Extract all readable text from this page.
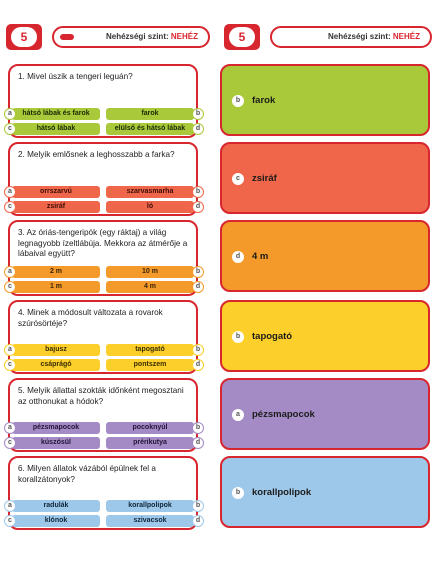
5	Nehézségi szint: NEHÉZ	5	Nehézségi szint: NEHÉZ
1. Mivel úszik a tengeri leguán?
a	hátsó lábak és farok	farok	b
c	hátsó lábak	elülső és hátsó lábak	d
2. Melyik emlősnek a leghosszabb a farka?
a	orrszarvú	szarvasmarha	b
c	zsiráf	ló	d
3. Az óriás-tengeripók (egy ráktaj) a világ legnagyobb ízeltlábúja. Mekkora az átmérője a lábaival együtt?
a	2 m	10 m	b
c	1 m	4 m	d
4. Minek a módosult változata a rovarok szúrósörtéje?
a	bajusz	tapogató	b
c	csáprágó	pontszem	d
5. Melyik állattal szokták időnként megosztani az otthonukat a hódok?
a	pézsmapocok	pocoknyúl	b
c	kúszósül	prérikutya	d
6. Milyen állatok vázából épülnek fel a korallzátonyok?
a	radulák	korallpolipok	b
c	klónok	szivacsok	d
b	farok
c	zsiráf
d	4 m
b	tapogató
a	pézsmapocok
b	korallpolipok
